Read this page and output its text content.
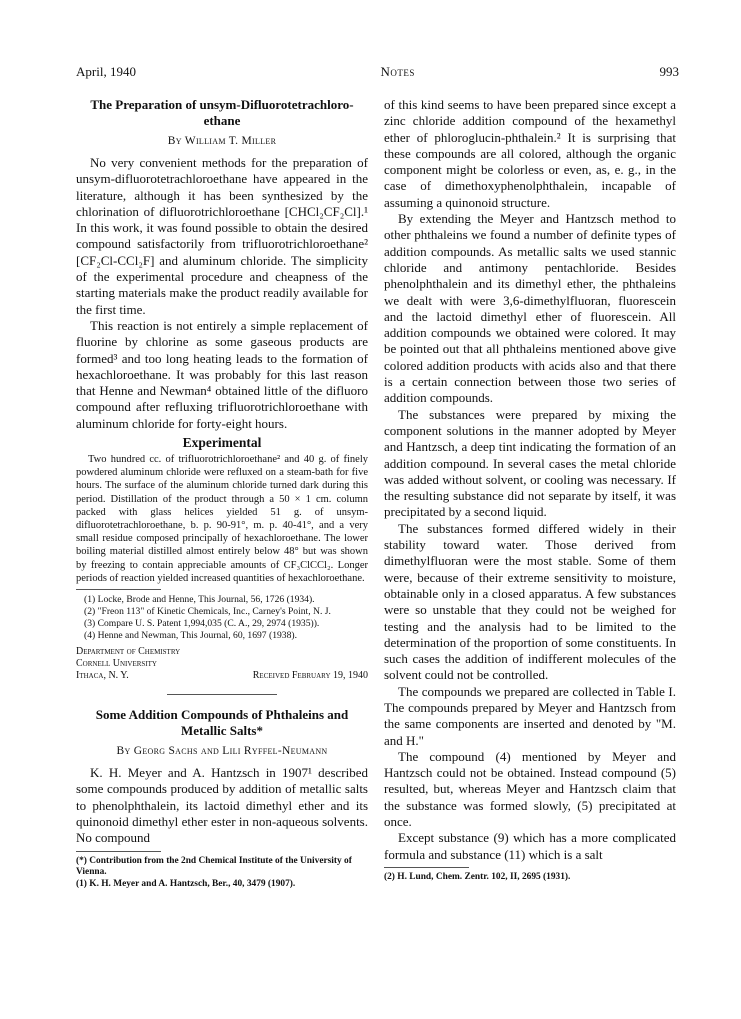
April, 1940	Notes	993
The Preparation of unsym-Difluorotetrachloro-
ethane
By William T. Miller

No very convenient methods for the preparation of unsym-difluorotetrachloroethane have appeared in the literature, although it has been synthesized by the chlorination of difluorotrichloroethane [CHCl₂CF₂Cl].¹ In this work, it was found possible to obtain the desired compound satisfactorily from trifluorotrichloroethane² [CF₂Cl-CCl₂F] and aluminum chloride. The simplicity of the experimental procedure and cheapness of the starting materials make the product readily available for the first time.

This reaction is not entirely a simple replacement of fluorine by chlorine as some gaseous products are formed³ and too long heating leads to the formation of hexachloroethane. It was probably for this last reason that Henne and Newman⁴ obtained little of the difluoro compound after refluxing trifluorotrichloroethane with aluminum chloride for forty-eight hours.

Experimental

Two hundred cc. of trifluorotrichloroethane² and 40 g. of finely powdered aluminum chloride were refluxed on a steam-bath for five hours. The surface of the aluminum chloride turned dark during this period. Distillation of the product through a 50 × 1 cm. column packed with glass helices yielded 51 g. of unsym-difluorotetrachloroethane, b. p. 90-91°, m. p. 40-41°, and a very small residue composed principally of hexachloroethane. The lower boiling material distilled almost entirely below 48° but was shown by freezing to contain appreciable amounts of CF₃ClCCl₂. Longer periods of reaction yielded increased quantities of hexachloroethane.

(1) Locke, Brode and Henne, This Journal, 56, 1726 (1934).
(2) "Freon 113" of Kinetic Chemicals, Inc., Carney's Point, N. J.
(3) Compare U. S. Patent 1,994,035 (C. A., 29, 2974 (1935)).
(4) Henne and Newman, This Journal, 60, 1697 (1938).
Department of Chemistry
Cornell University
Ithaca, N. Y.	Received February 19, 1940
Some Addition Compounds of Phthaleins and
Metallic Salts*
By Georg Sachs and Lili Ryffel-Neumann

K. H. Meyer and A. Hantzsch in 1907¹ described some compounds produced by addition of metallic salts to phenolphthalein, its lactoid dimethyl ether and its quinonoid dimethyl ether ester in non-aqueous solvents. No compound

(*) Contribution from the 2nd Chemical Institute of the University of Vienna.

(1) K. H. Meyer and A. Hantzsch, Ber., 40, 3479 (1907).

of this kind seems to have been prepared since except a zinc chloride addition compound of the hexamethyl ether of phloroglucin-phthalein.² It is surprising that these compounds are all colored, although the organic component might be colorless or even, as, e. g., in the case of dimethoxyphenolphthalein, incapable of assuming a quinonoid structure.

By extending the Meyer and Hantzsch method to other phthaleins we found a number of definite types of addition compounds. As metallic salts we used stannic chloride and antimony pentachloride. Besides phenolphthalein and its dimethyl ether, the phthaleins we dealt with were 3,6-dimethylfluoran, fluorescein and the lactoid dimethyl ether of fluorescein. All addition compounds we obtained were colored. It may be pointed out that all phthaleins mentioned above give colored addition products with acids also and that there is a certain connection between those two series of addition compounds.

The substances were prepared by mixing the component solutions in the manner adopted by Meyer and Hantzsch, a deep tint indicating the formation of an addition compound. In several cases the metal chloride was added without solvent, or cooling was necessary. If the resulting substance did not separate by itself, it was precipitated by a second liquid.

The substances formed differed widely in their stability toward water. Those derived from dimethylfluoran were the most stable. Some of them were, because of their extreme sensitivity to moisture, obtainable only in a closed apparatus. A few substances were so unstable that they could not be weighed for testing and the analysis had to be limited to the determination of the proportion of some constituents. In such cases the addition of indifferent molecules of the solvent could not be controlled.

The compounds we prepared are collected in Table I. The compounds prepared by Meyer and Hantzsch from the same components are inserted and denoted by "M. and H."

The compound (4) mentioned by Meyer and Hantzsch could not be obtained. Instead compound (5) resulted, but, whereas Meyer and Hantzsch claim that the substance was formed slowly, (5) precipitated at once.

Except substance (9) which has a more complicated formula and substance (11) which is a salt

(2) H. Lund, Chem. Zentr. 102, II, 2695 (1931).
